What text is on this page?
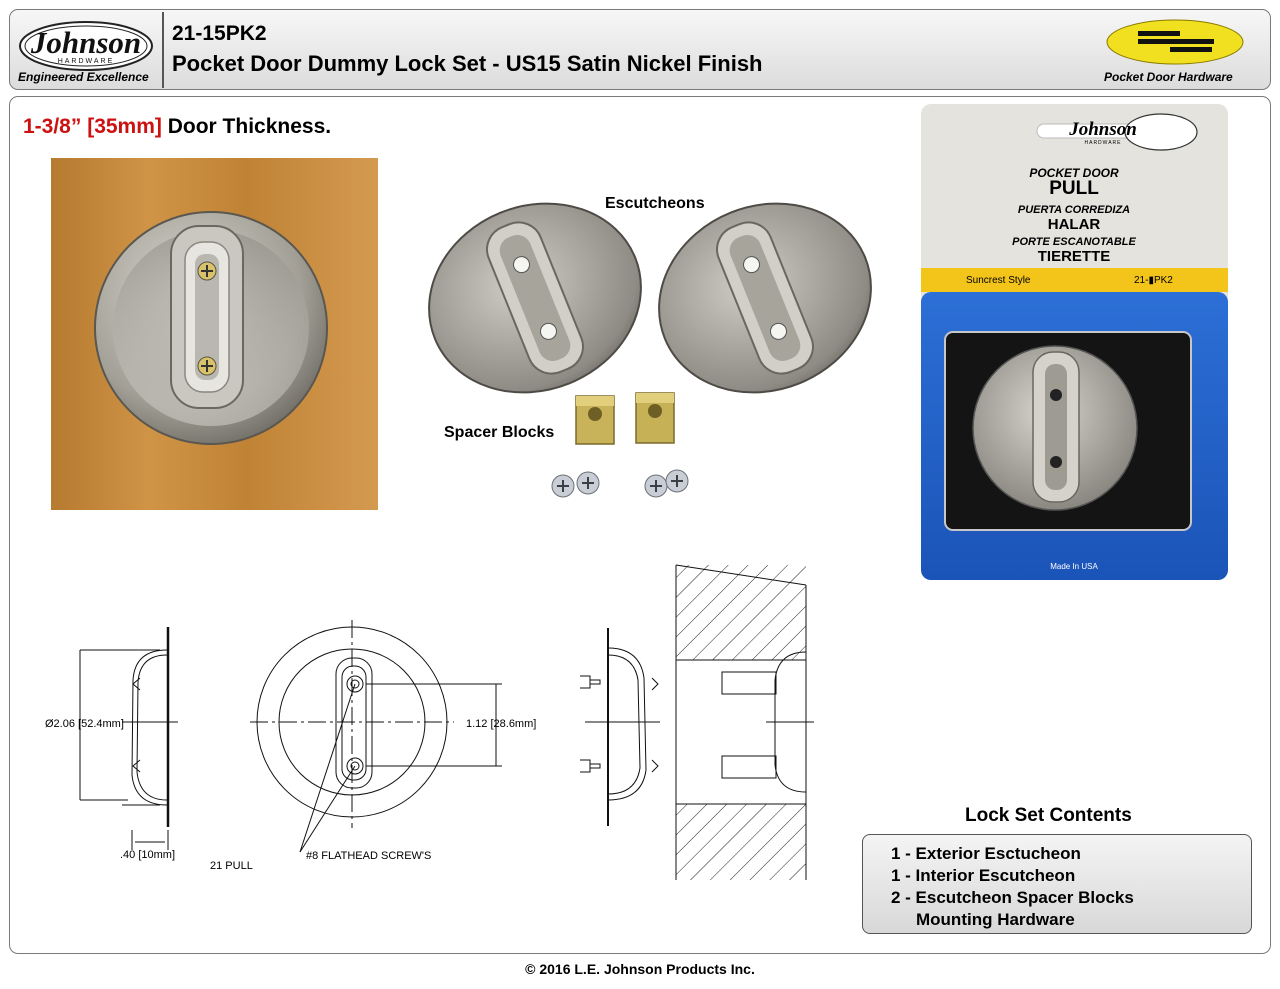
Johnson
HARDWARE
Engineered Excellence
21-15PK2
Pocket Door Dummy Lock Set - US15 Satin Nickel Finish
Pocket Door Hardware
1-3/8” [35mm] Door Thickness.
Escutcheons
Spacer Blocks
Johnson
HARDWARE
POCKET DOOR
PULL
PUERTA CORREDIZA
HALAR
PORTE ESCANOTABLE
TIERETTE
Suncrest Style	21-▮PK2
Made In USA
Ø2.06 [52.4mm]
.40 [10mm]
1.12 [28.6mm]
#8 FLATHEAD SCREW'S
21 PULL
Lock Set Contents
1 - Exterior Esctucheon
1 - Interior Escutcheon
2 - Escutcheon Spacer Blocks
Mounting Hardware
© 2016 L.E. Johnson Products Inc.
